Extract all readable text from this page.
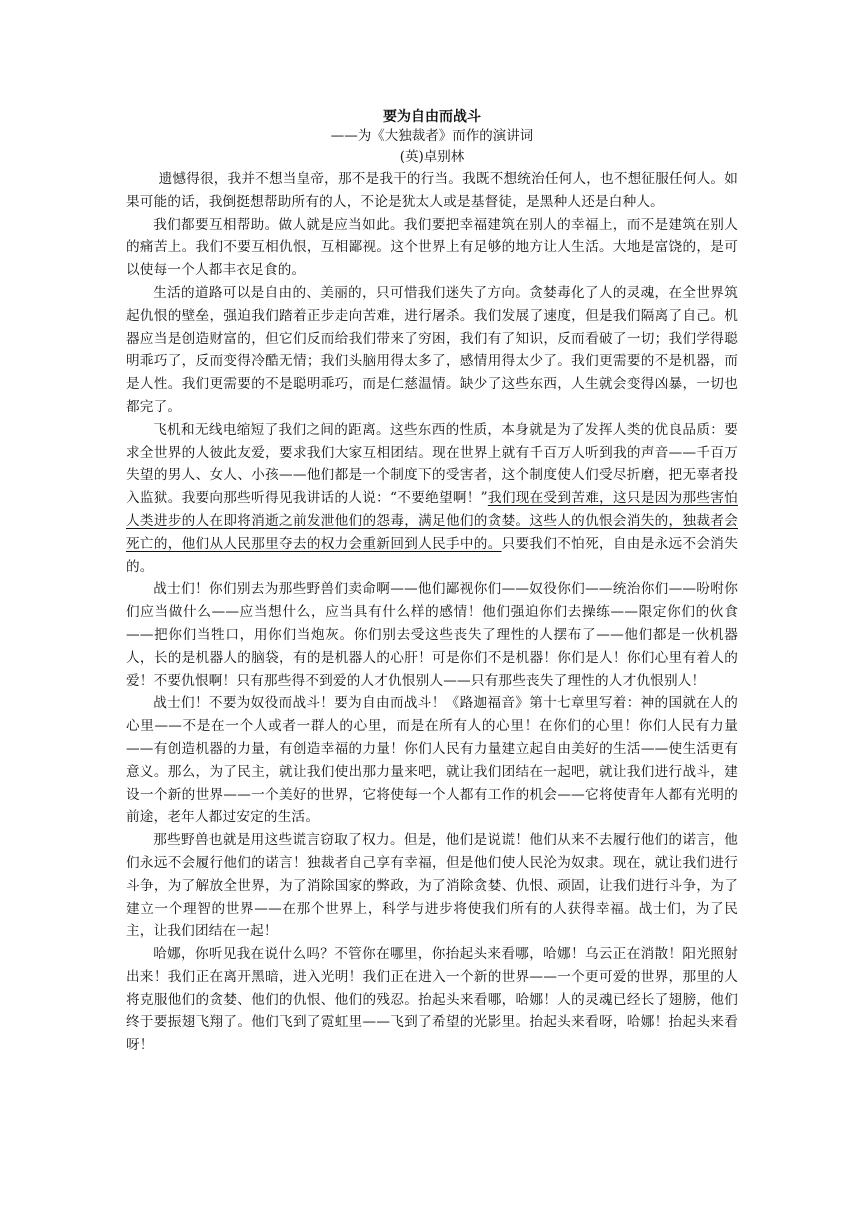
要为自由而战斗

——为《大独裁者》而作的演讲词

(英)卓别林

遗憾得很，我并不想当皇帝，那不是我干的行当。我既不想统治任何人，也不想征服任何人。如果可能的话，我倒挺想帮助所有的人，不论是犹太人或是基督徒，是黑种人还是白种人。

我们都要互相帮助。做人就是应当如此。我们要把幸福建筑在别人的幸福上，而不是建筑在别人的痛苦上。我们不要互相仇恨，互相鄙视。这个世界上有足够的地方让人生活。大地是富饶的，是可以使每一个人都丰衣足食的。

生活的道路可以是自由的、美丽的，只可惜我们迷失了方向。贪婪毒化了人的灵魂，在全世界筑起仇恨的壁垒，强迫我们踏着正步走向苦难，进行屠杀。我们发展了速度，但是我们隔离了自己。机器应当是创造财富的，但它们反而给我们带来了穷困，我们有了知识，反而看破了一切；我们学得聪明乖巧了，反而变得冷酷无情；我们头脑用得太多了，感情用得太少了。我们更需要的不是机器，而是人性。我们更需要的不是聪明乖巧，而是仁慈温情。缺少了这些东西，人生就会变得凶暴，一切也都完了。

飞机和无线电缩短了我们之间的距离。这些东西的性质，本身就是为了发挥人类的优良品质：要求全世界的人彼此友爱，要求我们大家互相团结。现在世界上就有千百万人听到我的声音——千百万失望的男人、女人、小孩——他们都是一个制度下的受害者，这个制度使人们受尽折磨，把无辜者投入监狱。我要向那些听得见我讲话的人说：“不要绝望啊！”我们现在受到苦难，这只是因为那些害怕人类进步的人在即将消逝之前发泄他们的怨毒，满足他们的贪婪。这些人的仇恨会消失的，独裁者会死亡的，他们从人民那里夺去的权力会重新回到人民手中的。只要我们不怕死，自由是永远不会消失的。

战士们！你们别去为那些野兽们卖命啊——他们鄙视你们——奴役你们——统治你们——吩咐你们应当做什么——应当想什么，应当具有什么样的感情！他们强迫你们去操练——限定你们的伙食——把你们当牲口，用你们当炮灰。你们别去受这些丧失了理性的人摆布了——他们都是一伙机器人，长的是机器人的脑袋，有的是机器人的心肝！可是你们不是机器！你们是人！你们心里有着人的爱！不要仇恨啊！只有那些得不到爱的人才仇恨别人——只有那些丧失了理性的人才仇恨别人！

战士们！不要为奴役而战斗！要为自由而战斗！《路迦福音》第十七章里写着：神的国就在人的心里——不是在一个人或者一群人的心里，而是在所有人的心里！在你们的心里！你们人民有力量——有创造机器的力量，有创造幸福的力量！你们人民有力量建立起自由美好的生活——使生活更有意义。那么，为了民主，就让我们使出那力量来吧，就让我们团结在一起吧，就让我们进行战斗，建设一个新的世界——一个美好的世界，它将使每一个人都有工作的机会——它将使青年人都有光明的前途，老年人都过安定的生活。

那些野兽也就是用这些谎言窃取了权力。但是，他们是说谎！他们从来不去履行他们的诺言，他们永远不会履行他们的诺言！独裁者自己享有幸福，但是他们使人民沦为奴隶。现在，就让我们进行斗争，为了解放全世界，为了消除国家的弊政，为了消除贪婪、仇恨、顽固，让我们进行斗争，为了建立一个理智的世界——在那个世界上，科学与进步将使我们所有的人获得幸福。战士们，为了民主，让我们团结在一起！

哈娜，你听见我在说什么吗？不管你在哪里，你抬起头来看哪，哈娜！乌云正在消散！阳光照射出来！我们正在离开黑暗，进入光明！我们正在进入一个新的世界——一个更可爱的世界，那里的人将克服他们的贪婪、他们的仇恨、他们的残忍。抬起头来看哪，哈娜！人的灵魂已经长了翅膀，他们终于要振翅飞翔了。他们飞到了霓虹里——飞到了希望的光影里。抬起头来看呀，哈娜！抬起头来看呀！
